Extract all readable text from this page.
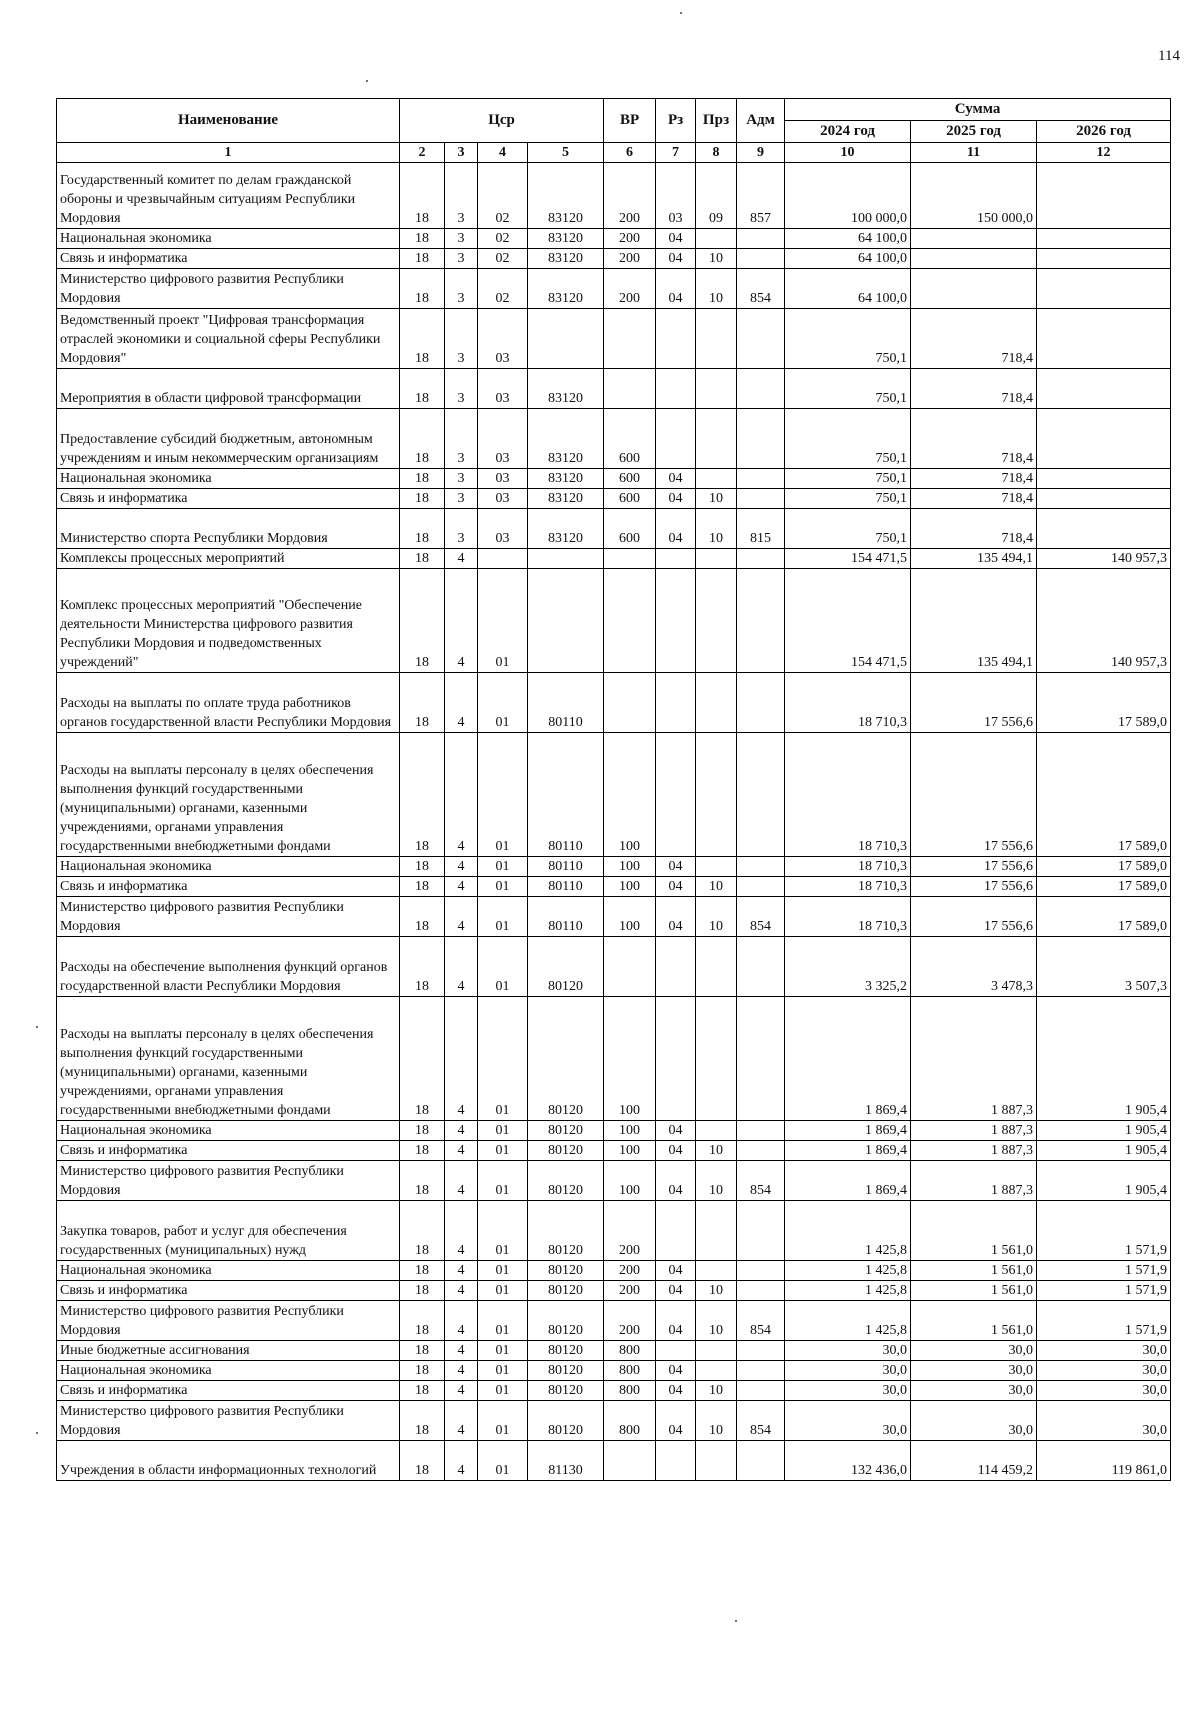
114
Наименование	Цср				ВР	Рз	Прз	Адм	Сумма		
									2024 год	2025 год	2026 год
1	2	3	4	5	6	7	8	9	10	11	12
Государственный комитет по делам гражданской обороны и чрезвычайным ситуациям Республики Мордовия	18	3	02	83120	200	03	09	857	100 000,0	150 000,0	
Национальная экономика	18	3	02	83120	200	04			64 100,0		
Связь и информатика	18	3	02	83120	200	04	10		64 100,0		
Министерство цифрового развития Республики Мордовия	18	3	02	83120	200	04	10	854	64 100,0		
Ведомственный проект "Цифровая трансформация отраслей экономики и социальной сферы Республики Мордовия"	18	3	03						750,1	718,4	
Мероприятия в области цифровой трансформации	18	3	03	83120					750,1	718,4	
Предоставление субсидий бюджетным, автономным учреждениям и иным некоммерческим организациям	18	3	03	83120	600				750,1	718,4	
Национальная экономика	18	3	03	83120	600	04			750,1	718,4	
Связь и информатика	18	3	03	83120	600	04	10		750,1	718,4	
Министерство спорта Республики Мордовия	18	3	03	83120	600	04	10	815	750,1	718,4	
Комплексы процессных мероприятий	18	4							154 471,5	135 494,1	140 957,3
Комплекс процессных мероприятий "Обеспечение деятельности Министерства цифрового развития Республики Мордовия и подведомственных учреждений"	18	4	01						154 471,5	135 494,1	140 957,3
Расходы на выплаты по оплате труда работников органов государственной власти Республики Мордовия	18	4	01	80110					18 710,3	17 556,6	17 589,0
Расходы на выплаты персоналу в целях обеспечения выполнения функций государственными (муниципальными) органами, казенными учреждениями, органами управления государственными внебюджетными фондами	18	4	01	80110	100				18 710,3	17 556,6	17 589,0
Национальная экономика	18	4	01	80110	100	04			18 710,3	17 556,6	17 589,0
Связь и информатика	18	4	01	80110	100	04	10		18 710,3	17 556,6	17 589,0
Министерство цифрового развития Республики Мордовия	18	4	01	80110	100	04	10	854	18 710,3	17 556,6	17 589,0
Расходы на обеспечение выполнения функций органов государственной власти Республики Мордовия	18	4	01	80120					3 325,2	3 478,3	3 507,3
Расходы на выплаты персоналу в целях обеспечения выполнения функций государственными (муниципальными) органами, казенными учреждениями, органами управления государственными внебюджетными фондами	18	4	01	80120	100				1 869,4	1 887,3	1 905,4
Национальная экономика	18	4	01	80120	100	04			1 869,4	1 887,3	1 905,4
Связь и информатика	18	4	01	80120	100	04	10		1 869,4	1 887,3	1 905,4
Министерство цифрового развития Республики Мордовия	18	4	01	80120	100	04	10	854	1 869,4	1 887,3	1 905,4
Закупка товаров, работ и услуг для обеспечения государственных (муниципальных) нужд	18	4	01	80120	200				1 425,8	1 561,0	1 571,9
Национальная экономика	18	4	01	80120	200	04			1 425,8	1 561,0	1 571,9
Связь и информатика	18	4	01	80120	200	04	10		1 425,8	1 561,0	1 571,9
Министерство цифрового развития Республики Мордовия	18	4	01	80120	200	04	10	854	1 425,8	1 561,0	1 571,9
Иные бюджетные ассигнования	18	4	01	80120	800				30,0	30,0	30,0
Национальная экономика	18	4	01	80120	800	04			30,0	30,0	30,0
Связь и информатика	18	4	01	80120	800	04	10		30,0	30,0	30,0
Министерство цифрового развития Республики Мордовия	18	4	01	80120	800	04	10	854	30,0	30,0	30,0
Учреждения в области информационных технологий	18	4	01	81130					132 436,0	114 459,2	119 861,0
